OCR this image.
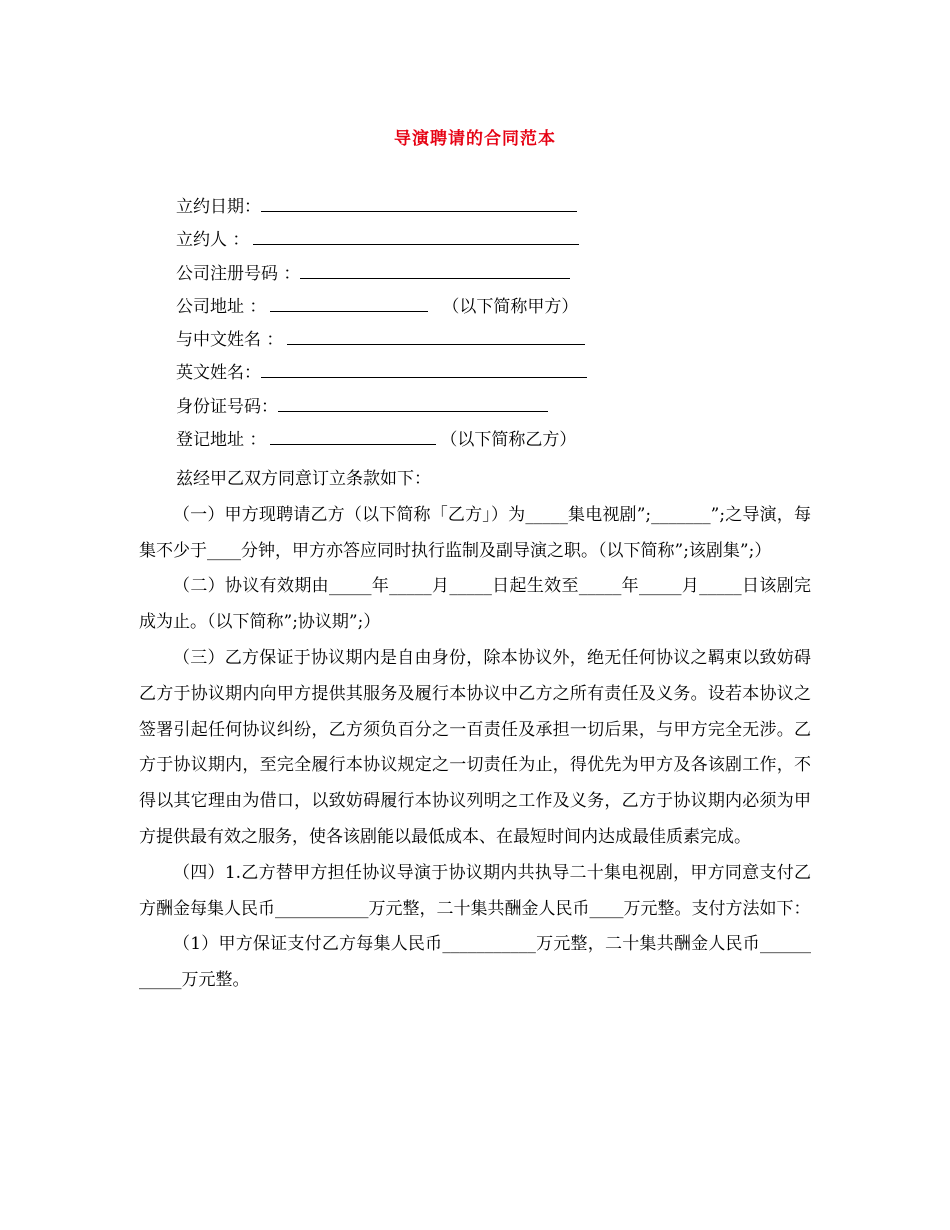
导演聘请的合同范本
立约日期：
立约人 ：
公司注册号码 ：
公司地址 ：	（以下简称甲方）
与中文姓名 ：
英文姓名：
身份证号码：
登记地址 ：	（以下简称乙方）

兹经甲乙双方同意订立条款如下：

（一）甲方现聘请乙方（以下简称「乙方」）为_____集电视剧”;_______”;之导演，每集不少于____分钟，甲方亦答应同时执行监制及副导演之职。（以下简称”;该剧集”;）

（二）协议有效期由_____年_____月_____日起生效至_____年_____月_____日该剧完成为止。（以下简称”;协议期”;）

（三）乙方保证于协议期内是自由身份，除本协议外，绝无任何协议之羁束以致妨碍乙方于协议期内向甲方提供其服务及履行本协议中乙方之所有责任及义务。设若本协议之签署引起任何协议纠纷，乙方须负百分之一百责任及承担一切后果，与甲方完全无涉。乙方于协议期内，至完全履行本协议规定之一切责任为止，得优先为甲方及各该剧工作，不得以其它理由为借口，以致妨碍履行本协议列明之工作及义务，乙方于协议期内必须为甲方提供最有效之服务，使各该剧能以最低成本、在最短时间内达成最佳质素完成。

（四）1.乙方替甲方担任协议导演于协议期内共执导二十集电视剧，甲方同意支付乙方酬金每集人民币___________万元整，二十集共酬金人民币____万元整。支付方法如下：

（1）甲方保证支付乙方每集人民币___________万元整，二十集共酬金人民币___________万元整。
